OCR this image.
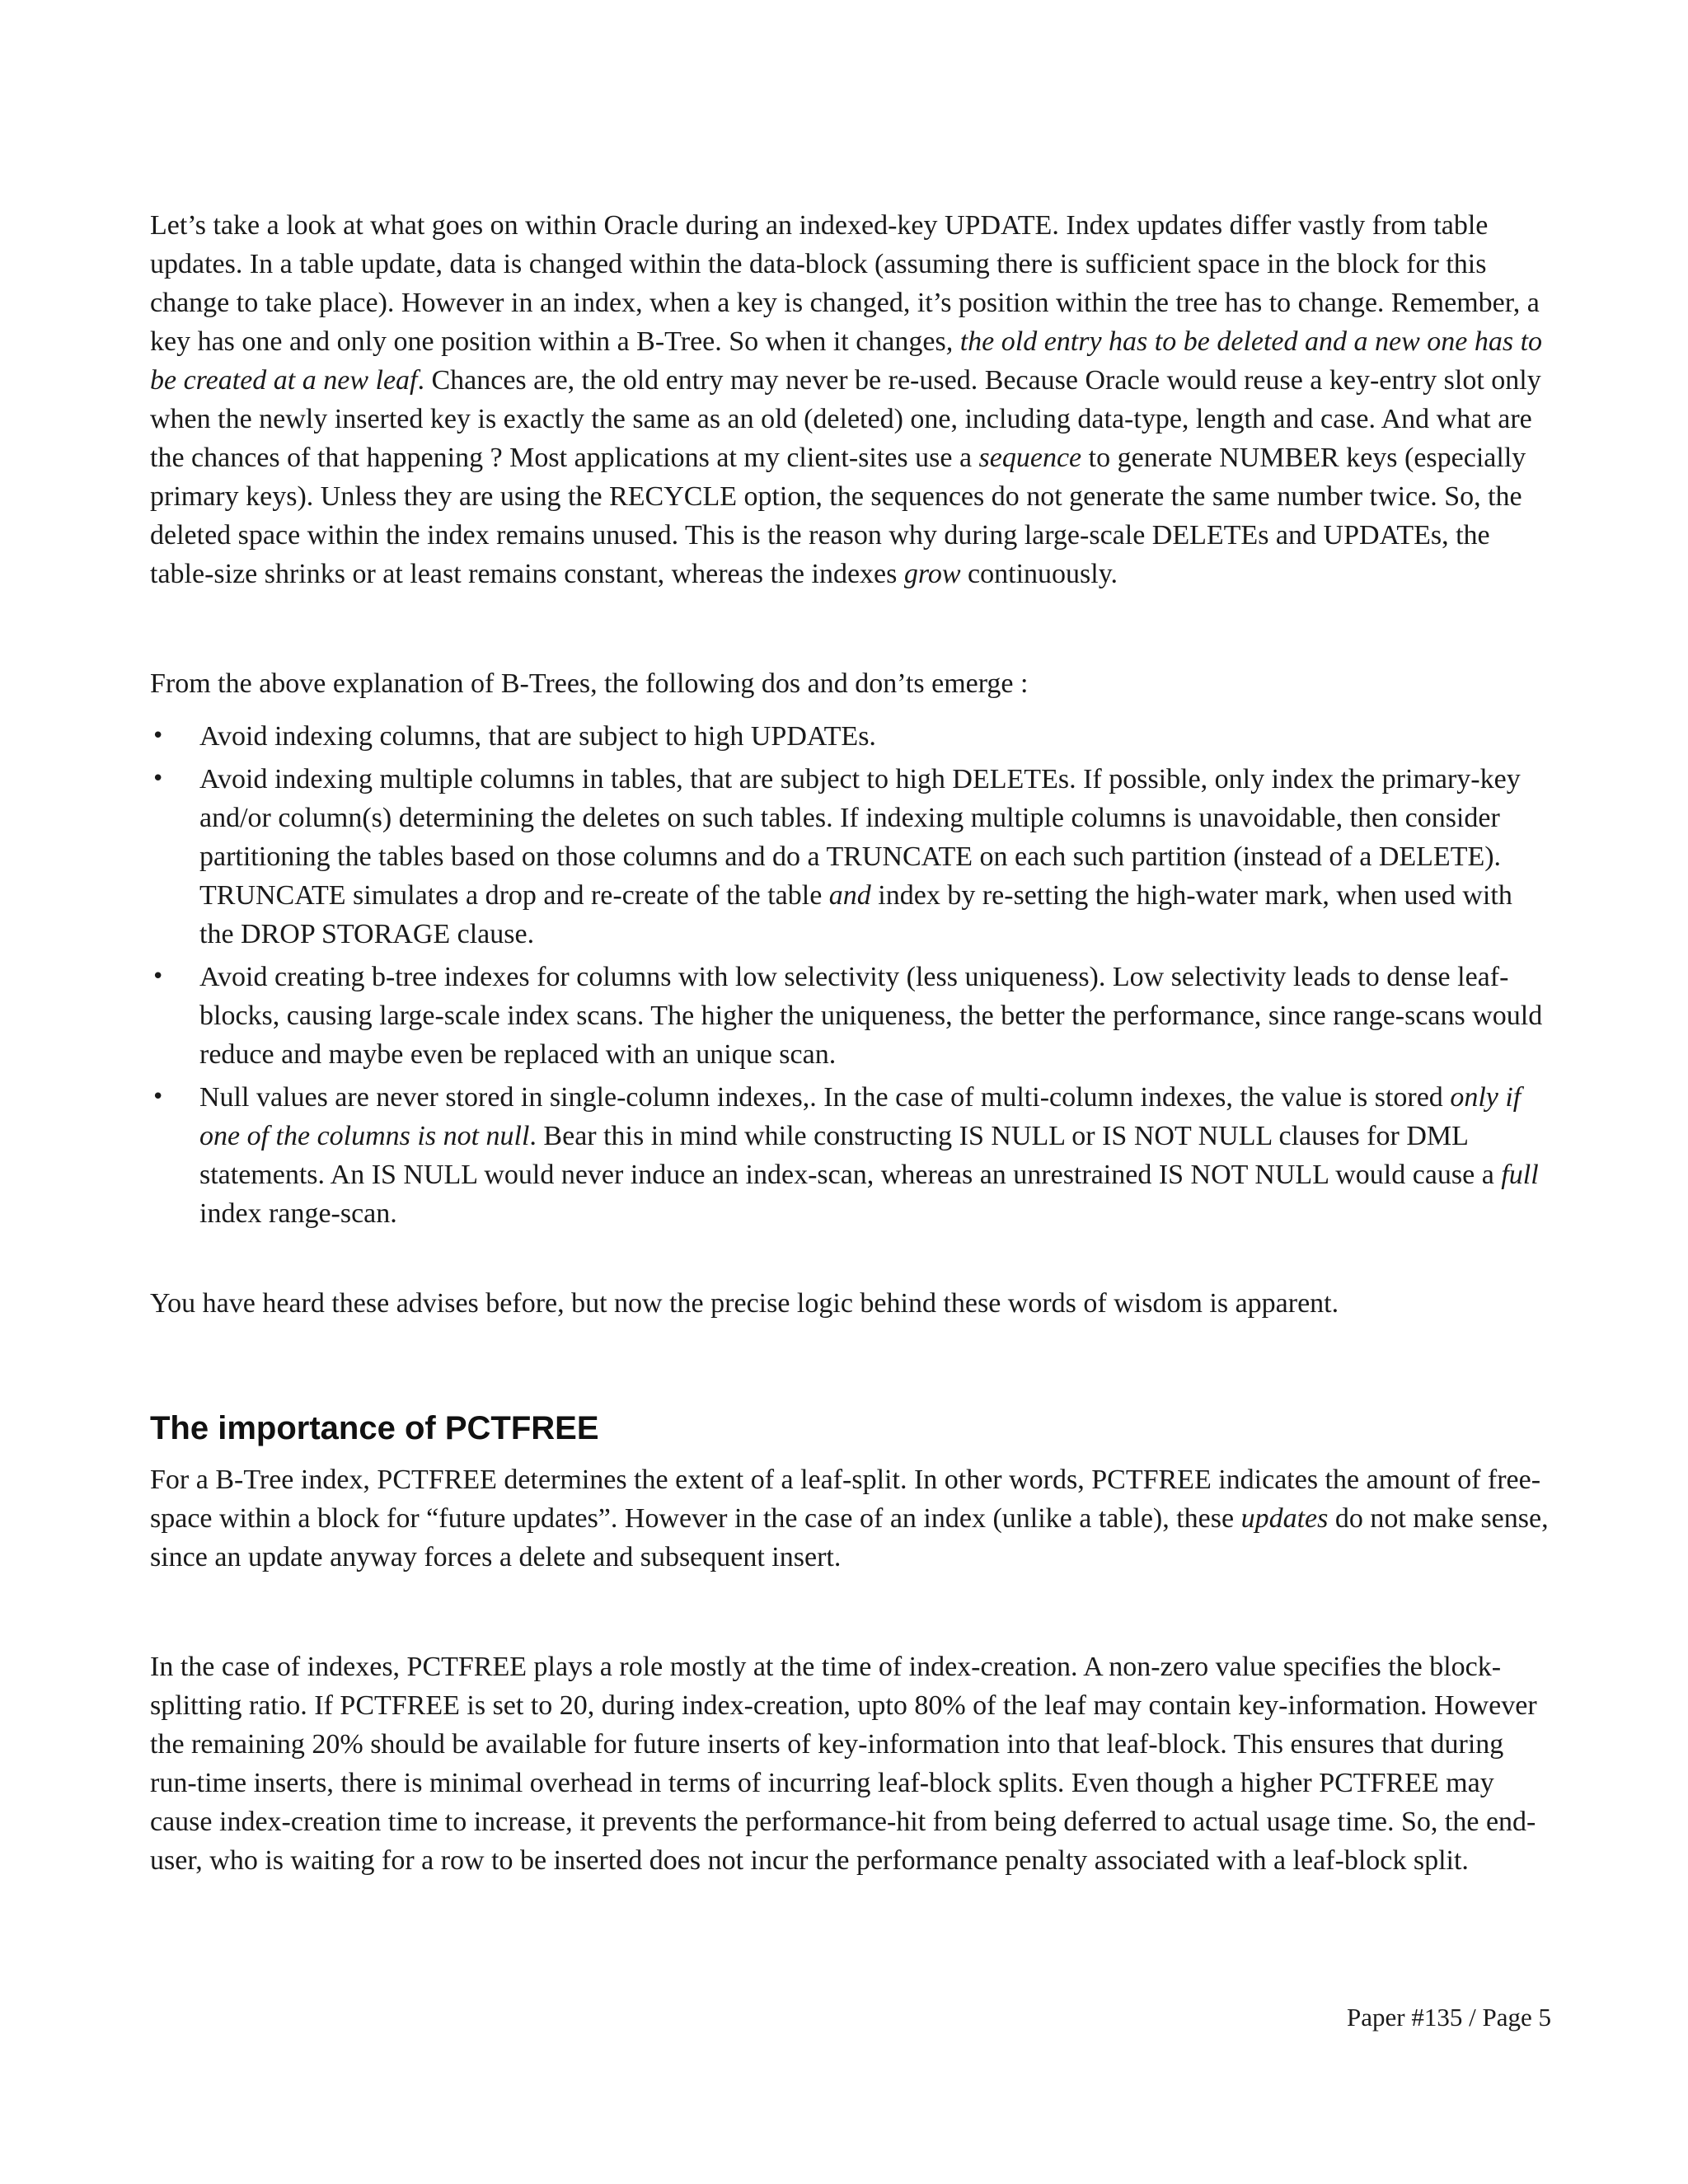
Let’s take a look at what goes on within Oracle during an indexed-key UPDATE. Index updates differ vastly from table updates. In a table update, data is changed within the data-block (assuming there is sufficient space in the block for this change to take place). However in an index, when a key is changed, it’s position within the tree has to change. Remember, a key has one and only one position within a B-Tree. So when it changes, the old entry has to be deleted and a new one has to be created at a new leaf. Chances are, the old entry may never be re-used. Because Oracle would reuse a key-entry slot only when the newly inserted key is exactly the same as an old (deleted) one, including data-type, length and case. And what are the chances of that happening ? Most applications at my client-sites use a sequence to generate NUMBER keys (especially primary keys). Unless they are using the RECYCLE option, the sequences do not generate the same number twice. So, the deleted space within the index remains unused. This is the reason why during large-scale DELETEs and UPDATEs, the table-size shrinks or at least remains constant, whereas the indexes grow continuously.

From the above explanation of B-Trees, the following dos and don’ts emerge :

•	Avoid indexing columns, that are subject to high UPDATEs.
•	Avoid indexing multiple columns in tables, that are subject to high DELETEs. If possible, only index the primary-key and/or column(s) determining the deletes on such tables. If indexing multiple columns is unavoidable, then consider partitioning the tables based on those columns and do a TRUNCATE on each such partition (instead of a DELETE). TRUNCATE simulates a drop and re-create of the table and index by re-setting the high-water mark, when used with the DROP STORAGE clause.
•	Avoid creating b-tree indexes for columns with low selectivity (less uniqueness). Low selectivity leads to dense leaf-blocks, causing large-scale index scans. The higher the uniqueness, the better the performance, since range-scans would reduce and maybe even be replaced with an unique scan.
•	Null values are never stored in single-column indexes,. In the case of multi-column indexes, the value is stored only if one of the columns is not null. Bear this in mind while constructing IS NULL or IS NOT NULL clauses for DML statements. An IS NULL would never induce an index-scan, whereas an unrestrained IS NOT NULL would cause a full index range-scan.

You have heard these advises before, but now the precise logic behind these words of wisdom is apparent.

The importance of PCTFREE

For a B-Tree index, PCTFREE determines the extent of a leaf-split. In other words, PCTFREE indicates the amount of free-space within a block for “future updates”. However in the case of an index (unlike a table), these updates do not make sense, since an update anyway forces a delete and subsequent insert.

In the case of indexes, PCTFREE plays a role mostly at the time of index-creation. A non-zero value specifies the block-splitting ratio. If PCTFREE is set to 20, during index-creation, upto 80% of the leaf may contain key-information. However the remaining 20% should be available for future inserts of key-information into that leaf-block. This ensures that during run-time inserts, there is minimal overhead in terms of incurring leaf-block splits. Even though a higher PCTFREE may cause index-creation time to increase, it prevents the performance-hit from being deferred to actual usage time. So, the end-user, who is waiting for a row to be inserted does not incur the performance penalty associated with a leaf-block split.

Paper #135 / Page 5
